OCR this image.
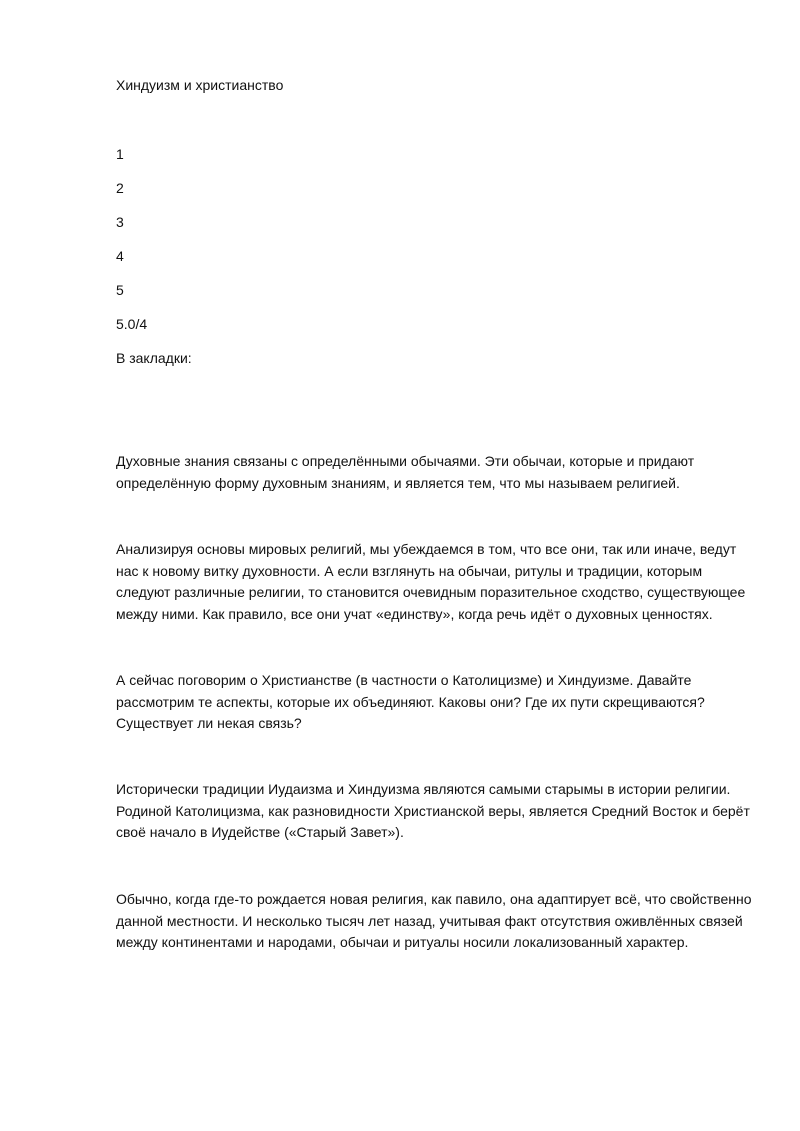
Хиндуизм и христианство
1
2
3
4
5
5.0/4
В закладки:
Духовные знания связаны с определёнными обычаями. Эти обычаи, которые и придают определённую форму духовным знаниям, и является тем, что мы называем религией.
Анализируя основы мировых религий, мы убеждаемся в том, что все они, так или иначе, ведут нас к новому витку духовности. А если взглянуть на обычаи, ритулы и традиции, которым следуют различные религии, то становится очевидным поразительное сходство, существующее между ними. Как правило, все они учат «единству», когда речь идёт о духовных ценностях.
А сейчас поговорим о Христианстве (в частности о Католицизме) и Хиндуизме. Давайте рассмотрим те аспекты, которые их объединяют. Каковы они? Где их пути скрещиваются? Существует ли некая связь?
Исторически традиции Иудаизма и Хиндуизма являются самыми старымы в истории религии. Родиной Католицизма, как разновидности Христианской веры, является Средний Восток и берёт своё начало в Иудействе («Старый Завет»).
Обычно, когда где-то рождается новая религия, как павило, она адаптирует всё, что свойственно данной местности. И несколько тысяч лет назад, учитывая факт отсутствия оживлённых связей между континентами и народами, обычаи и ритуалы носили локализованный характер.
